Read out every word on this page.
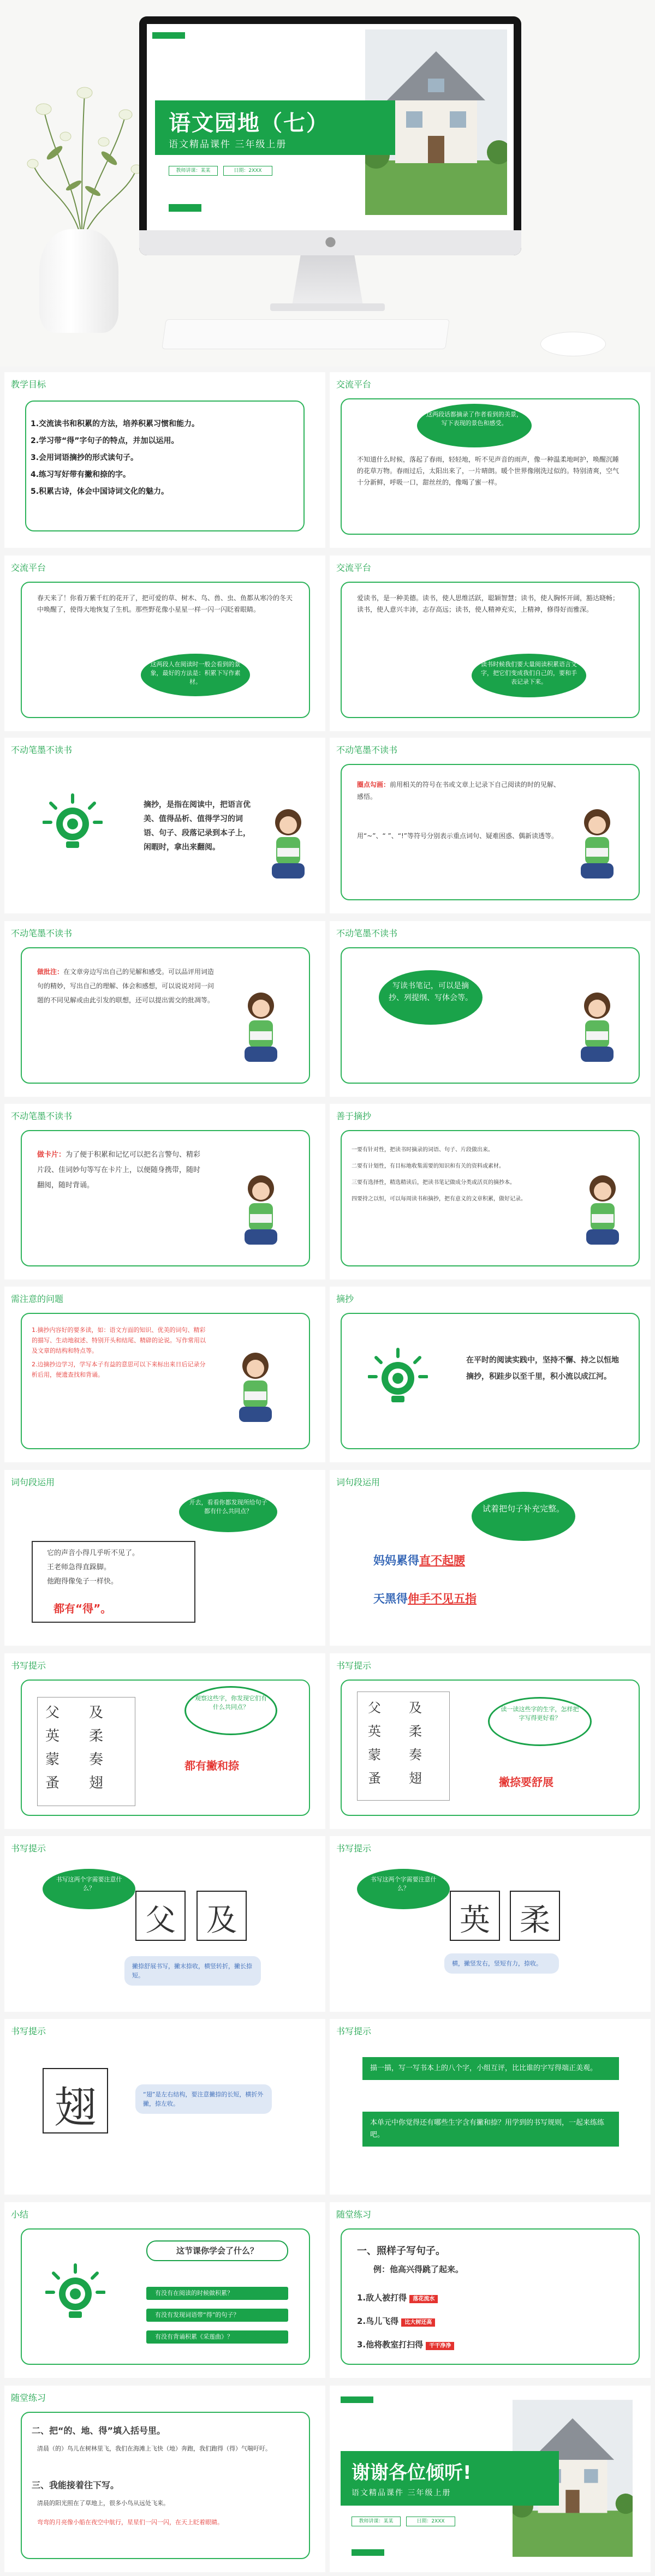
语文园地（七）
语文精品课件 三年级上册
教师讲课：某某	日期：2XXX
●
教学目标
1.交流读书和积累的方法，培养积累习惯和能力。
2.学习带“得”字句子的特点，并加以运用。
3.会用词语摘抄的形式读句子。
4.练习写好带有撇和捺的字。
5.积累古诗，体会中国诗词文化的魅力。
交流平台
这两段话都摘录了作者看到的美景，写下表现的景色和感受。
不知道什么时候，落起了春雨，轻轻地，听不见声音的雨声，像一种温柔地呵护，唤醒沉睡的花草万物。春雨过后，太阳出来了，一片晴朗。暖个世界像刚洗过似的。特别清爽，空气十分新鲜，呼吸一口，甜丝丝的，像喝了蜜一样。
交流平台
春天来了！你看万紫千红的花开了，把可爱的草、树木、鸟、兽、虫、鱼都从寒冷的冬天中唤醒了，使得大地恢复了生机。那些野花像小星星一样一闪一闪眨着眼睛。
这两段人在阅读时一般会看到的景象，最好的方法是：积累下写作素材。
交流平台
爱读书，是一种美德。读书，使人思维活跃，聪颖智慧；读书，使人胸怀开阔，豁达晓畅；读书，使人意兴丰沛，志存高远；读书，使人精神充实，上精神，修得好而雅深。
读书时候我们要大量阅读积累语言文字，把它们变成我们自己的，要和手表记录下来。
不动笔墨不读书
摘抄，是指在阅读中，把语言优美、值得品析、值得学习的词语、句子、段落记录到本子上，闲暇时，拿出来翻阅。
不动笔墨不读书
圈点勾画：前用相关的符号在书或文章上记录下自己阅读的时的见解、感悟。
用“~”、“ ”、“!”等符号分别表示重点词句、疑难困惑、偶新读透等。
不动笔墨不读书
做批注：在文章旁边写出自己的见解和感受。可以品评用词造句的精妙，写出自己的理解、体会和感想，可以说说对同一问题的不同见解或由此引发的联想，还可以提出需交的批凋等。
不动笔墨不读书
写读书笔记，可以是摘抄、列提纲、写体会等。
不动笔墨不读书
做卡片：为了便于积累和记忆可以把名言警句、精彩片段、佳词妙句等写在卡片上，以便随身携带，随时翻阅，随时背诵。
善于摘抄
一要有针对性，把读书时摘录的词语、句子、片段做出来。
二要有计划性，有目标地收集需要的知识和有关的资料或素材。
三要有选择性，精选精读后，把读书笔记做成分类或活页的摘抄本。
四要持之以恒，可以每周读书和摘抄，把有意义的文章积累，做好记录。
需注意的问题
1.摘抄内容好的要多读，如：语文方面的知识、优美的词句、精彩的描写、生动地叙述、特别开头和结尾、精辟的论说。写作常用以及文章的结构和特点等。
2.边摘抄边学习，学写本子有益的意思可以下来标出来日后记录分析后用，便遗查找和背诵。
摘抄
在平时的阅读实践中，坚持不懈、持之以恒地摘抄，积跬步以至千里，积小流以成江河。
词句段运用
开去，看看你都发现所给句子都有什么共同点？
它的声音小得几乎听不见了。
王老师急得直跺脚。
他跑得像兔子一样快。
都有“得”。
词句段运用
试着把句子补充完整。
妈妈累得直不起腰
天黑得伸手不见五指
书写提示
父	及
英	柔
蒙	奏
蚤	翅
观察这些字，你发现它们有什么共同点？
都有撇和捺
书写提示
父	及
英	柔
蒙	奏
蚤	翅
读一读这些字的生字，怎样把字写得更好看？
撇捺要舒展
书写提示
书写这两个字需要注意什么？
父	及
撇捺舒展书写，撇末捺收，横竖转折，撇长捺短。
书写提示
书写这两个字需要注意什么？
英 柔
横，撇竖发右，竖短有力，捺收。
书写提示
翅	“翅”是左右结构，要注意撇捺的长短，横折外撇，捺左收。
书写提示
描一描，写一写书本上的八个字，小组互评，比比谁的字写得端正美观。
本单元中你觉得还有哪些生字含有撇和捺？用学到的书写规则，一起来练练吧。
小结
这节课你学会了什么？
有没有在阅读的时候做积累？
有没有发现词语带“得”的句子？
有没有背诵积累《采莲曲》？
随堂练习
一、照样子写句子。
例：他高兴得跳了起来。
1.敌人被打得 落花流水
2.鸟儿飞得 比大树还高
3.他将教室打扫得 干干净净
随堂练习
二、把“的、地、得”填入括号里。
清晨（的）鸟儿在树林里飞，我们在海滩上飞快（地）奔跑，我们跑得（得）气喘吁吁。
三、我能接着往下写。
清晨的阳光照在了草地上，很多小鸟从远处飞来。
弯弯的月亮像小船在夜空中航行，星星们一闪一闪，在天上眨着眼睛。
谢谢各位倾听!
语文精品课件 三年级上册
教师讲课：某某	日期：2XXX
